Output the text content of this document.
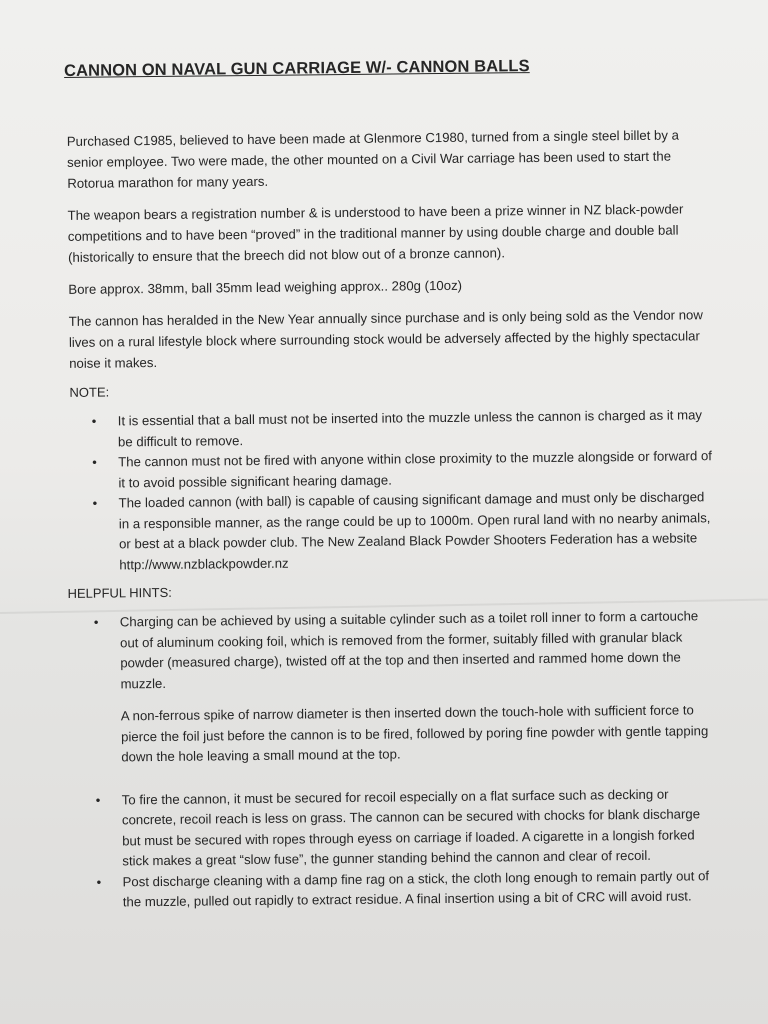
CANNON ON NAVAL GUN CARRIAGE W/- CANNON BALLS

Purchased C1985, believed to have been made at Glenmore C1980, turned from a single steel billet by a senior employee. Two were made, the other mounted on a Civil War carriage has been used to start the Rotorua marathon for many years.

The weapon bears a registration number & is understood to have been a prize winner in NZ black-powder competitions and to have been “proved” in the traditional manner by using double charge and double ball (historically to ensure that the breech did not blow out of a bronze cannon).

Bore approx. 38mm, ball 35mm lead weighing approx.. 280g (10oz)

The cannon has heralded in the New Year annually since purchase and is only being sold as the Vendor now lives on a rural lifestyle block where surrounding stock would be adversely affected by the highly spectacular noise it makes.

NOTE:
• It is essential that a ball must not be inserted into the muzzle unless the cannon is charged as it may be difficult to remove.
• The cannon must not be fired with anyone within close proximity to the muzzle alongside or forward of it to avoid possible significant hearing damage.
• The loaded cannon (with ball) is capable of causing significant damage and must only be discharged in a responsible manner, as the range could be up to 1000m. Open rural land with no nearby animals, or best at a black powder club. The New Zealand Black Powder Shooters Federation has a website http://www.nzblackpowder.nz
HELPFUL HINTS:
• Charging can be achieved by using a suitable cylinder such as a toilet roll inner to form a cartouche out of aluminum cooking foil, which is removed from the former, suitably filled with granular black powder (measured charge), twisted off at the top and then inserted and rammed home down the muzzle.
A non-ferrous spike of narrow diameter is then inserted down the touch-hole with sufficient force to pierce the foil just before the cannon is to be fired, followed by poring fine powder with gentle tapping down the hole leaving a small mound at the top.
• To fire the cannon, it must be secured for recoil especially on a flat surface such as decking or concrete, recoil reach is less on grass. The cannon can be secured with chocks for blank discharge but must be secured with ropes through eyess on carriage if loaded. A cigarette in a longish forked stick makes a great “slow fuse”, the gunner standing behind the cannon and clear of recoil.
• Post discharge cleaning with a damp fine rag on a stick, the cloth long enough to remain partly out of the muzzle, pulled out rapidly to extract residue. A final insertion using a bit of CRC will avoid rust.
